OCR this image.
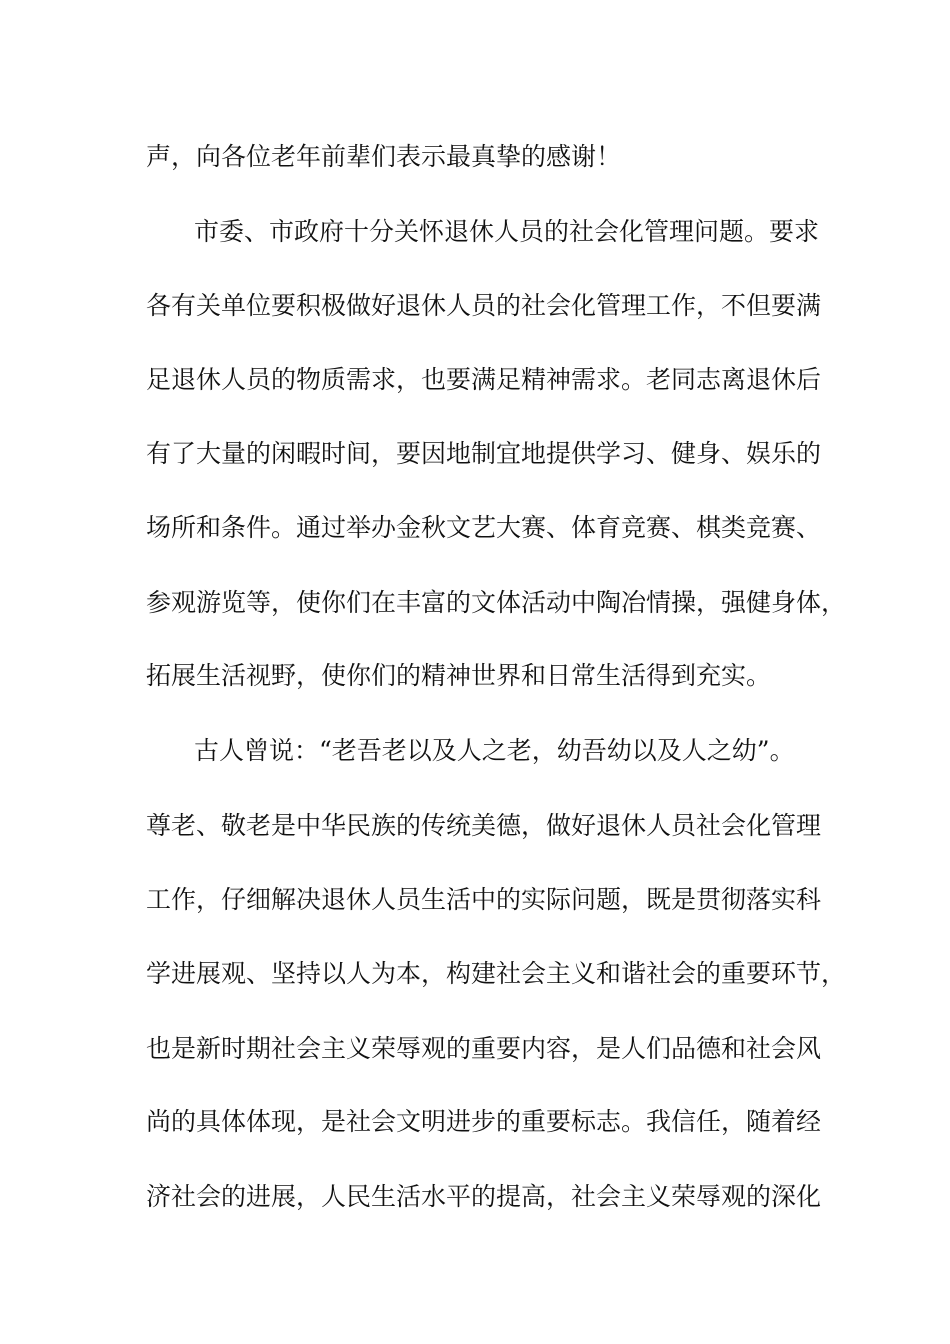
声，向各位老年前辈们表示最真挚的感谢！
市委、市政府十分关怀退休人员的社会化管理问题。要求
各有关单位要积极做好退休人员的社会化管理工作，不但要满
足退休人员的物质需求，也要满足精神需求。老同志离退休后
有了大量的闲暇时间，要因地制宜地提供学习、健身、娱乐的
场所和条件。通过举办金秋文艺大赛、体育竞赛、棋类竞赛、
参观游览等，使你们在丰富的文体活动中陶冶情操，强健身体，
拓展生活视野，使你们的精神世界和日常生活得到充实。
古人曾说：“老吾老以及人之老，幼吾幼以及人之幼”。
尊老、敬老是中华民族的传统美德，做好退休人员社会化管理
工作，仔细解决退休人员生活中的实际问题，既是贯彻落实科
学进展观、坚持以人为本，构建社会主义和谐社会的重要环节，
也是新时期社会主义荣辱观的重要内容，是人们品德和社会风
尚的具体体现，是社会文明进步的重要标志。我信任，随着经
济社会的进展，人民生活水平的提高，社会主义荣辱观的深化
